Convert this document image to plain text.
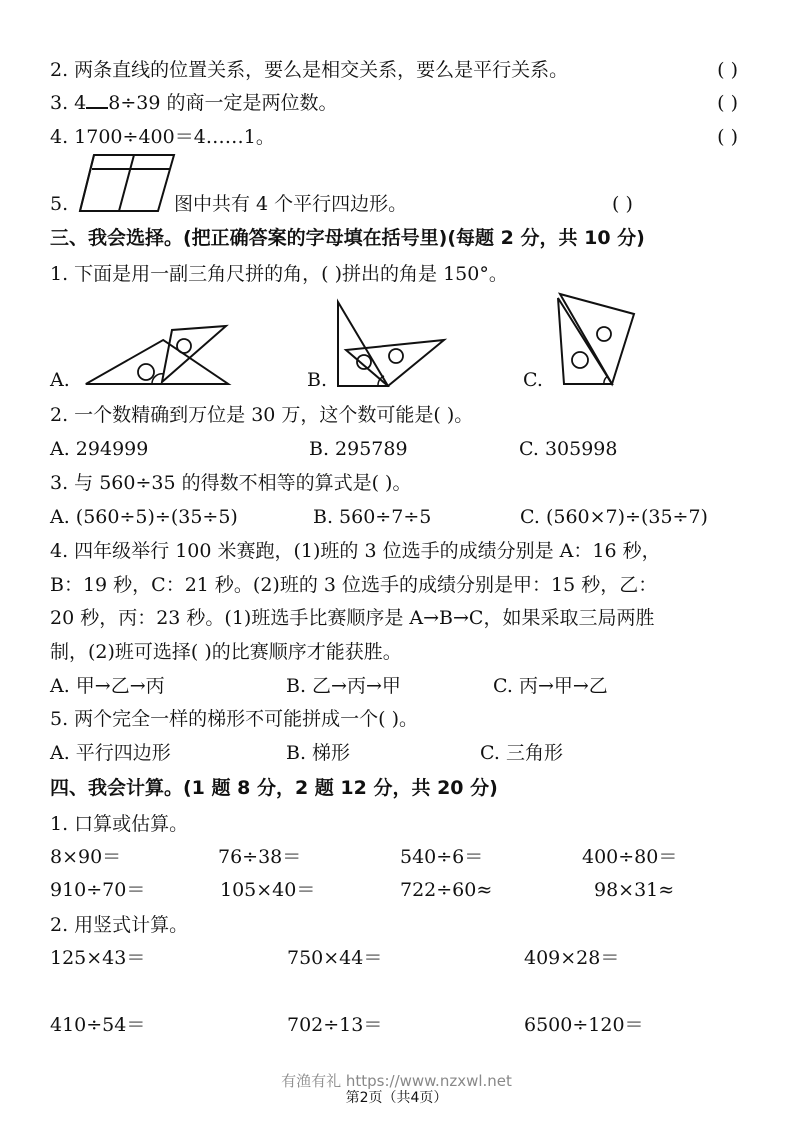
2. 两条直线的位置关系，要么是相交关系，要么是平行关系。	( )
3. 4 8÷39 的商一定是两位数。	( )
4. 1700÷400＝4……1。	( )
5.	图中共有 4 个平行四边形。	( )
三、我会选择。(把正确答案的字母填在括号里)(每题 2 分，共 10 分)
1. 下面是用一副三角尺拼的角，( )拼出的角是 150°。
A.	B.	C.
2. 一个数精确到万位是 30 万，这个数可能是( )。
A. 294999	B. 295789	C. 305998
3. 与 560÷35 的得数不相等的算式是( )。
A. (560÷5)÷(35÷5)	B. 560÷7÷5	C. (560×7)÷(35÷7)
4. 四年级举行 100 米赛跑，(1)班的 3 位选手的成绩分别是 A：16 秒，
B：19 秒，C：21 秒。(2)班的 3 位选手的成绩分别是甲：15 秒，乙：
20 秒，丙：23 秒。(1)班选手比赛顺序是 A→B→C，如果采取三局两胜
制，(2)班可选择( )的比赛顺序才能获胜。
A. 甲→乙→丙	B. 乙→丙→甲	C. 丙→甲→乙
5. 两个完全一样的梯形不可能拼成一个( )。
A. 平行四边形	B. 梯形	C. 三角形
四、我会计算。(1 题 8 分，2 题 12 分，共 20 分)
1. 口算或估算。
8×90＝	76÷38＝	540÷6＝	400÷80＝
910÷70＝	105×40＝	722÷60≈	98×31≈
2. 用竖式计算。
125×43＝	750×44＝	409×28＝
410÷54＝	702÷13＝	6500÷120＝
有渔有礼 https://www.nzxwl.net
第2页（共4页）
